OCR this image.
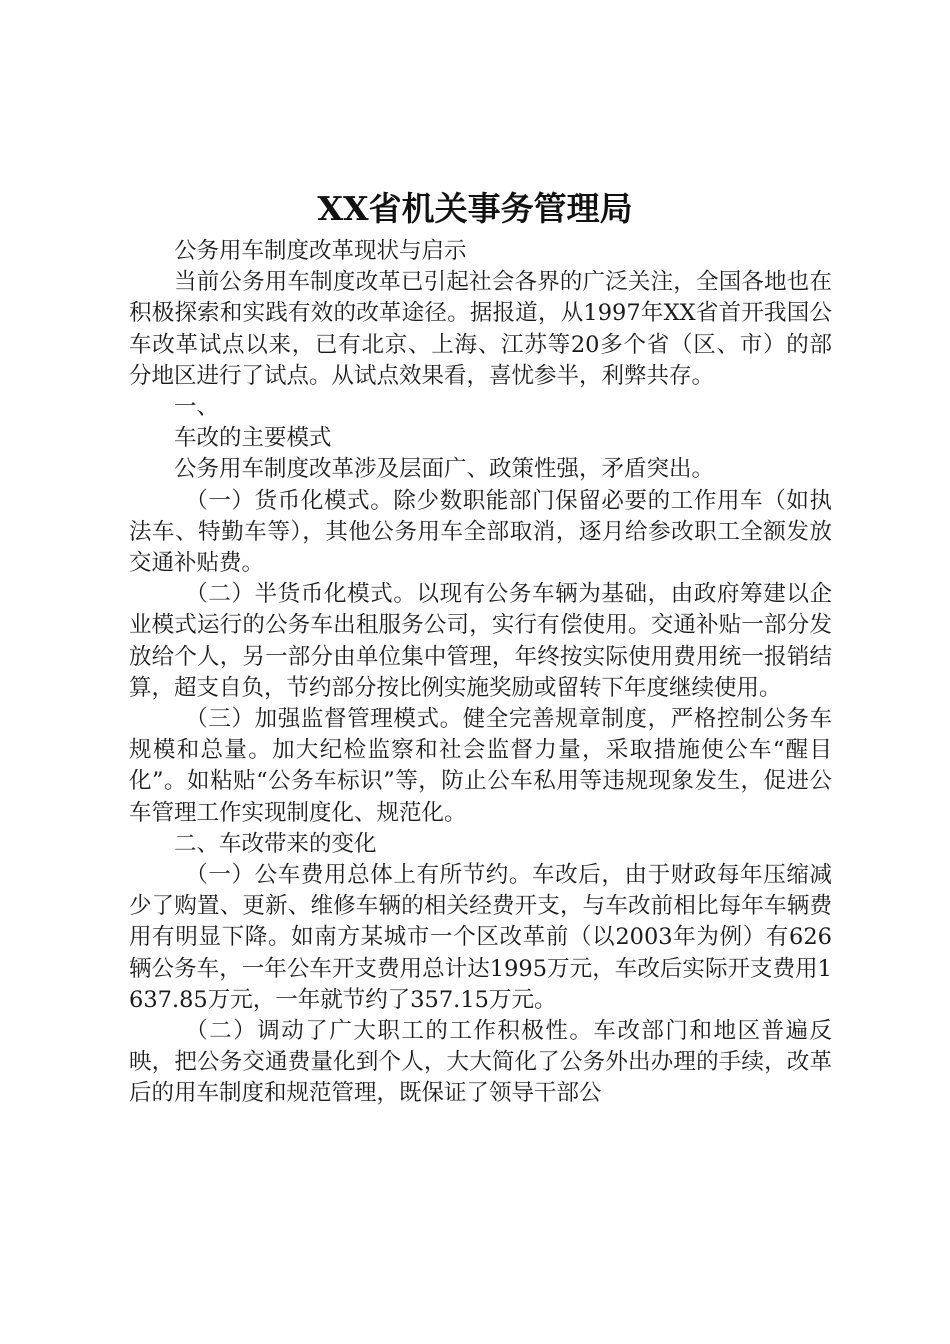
XX省机关事务管理局

公务用车制度改革现状与启示

当前公务用车制度改革已引起社会各界的广泛关注，全国各地也在积极探索和实践有效的改革途径。据报道，从1997年XX省首开我国公车改革试点以来，已有北京、上海、江苏等20多个省（区、市）的部分地区进行了试点。从试点效果看，喜忧参半，利弊共存。

一、

车改的主要模式

公务用车制度改革涉及层面广、政策性强，矛盾突出。

（一）货币化模式。除少数职能部门保留必要的工作用车（如执法车、特勤车等），其他公务用车全部取消，逐月给参改职工全额发放交通补贴费。

（二）半货币化模式。以现有公务车辆为基础，由政府筹建以企业模式运行的公务车出租服务公司，实行有偿使用。交通补贴一部分发放给个人，另一部分由单位集中管理，年终按实际使用费用统一报销结算，超支自负，节约部分按比例实施奖励或留转下年度继续使用。

（三）加强监督管理模式。健全完善规章制度，严格控制公务车规模和总量。加大纪检监察和社会监督力量，采取措施使公车“醒目化”。如粘贴“公务车标识”等，防止公车私用等违规现象发生，促进公车管理工作实现制度化、规范化。

二、车改带来的变化

（一）公车费用总体上有所节约。车改后，由于财政每年压缩减少了购置、更新、维修车辆的相关经费开支，与车改前相比每年车辆费用有明显下降。如南方某城市一个区改革前（以2003年为例）有626辆公务车，一年公车开支费用总计达1995万元，车改后实际开支费用1637.85万元，一年就节约了357.15万元。

（二）调动了广大职工的工作积极性。车改部门和地区普遍反映，把公务交通费量化到个人，大大简化了公务外出办理的手续，改革后的用车制度和规范管理，既保证了领导干部公
